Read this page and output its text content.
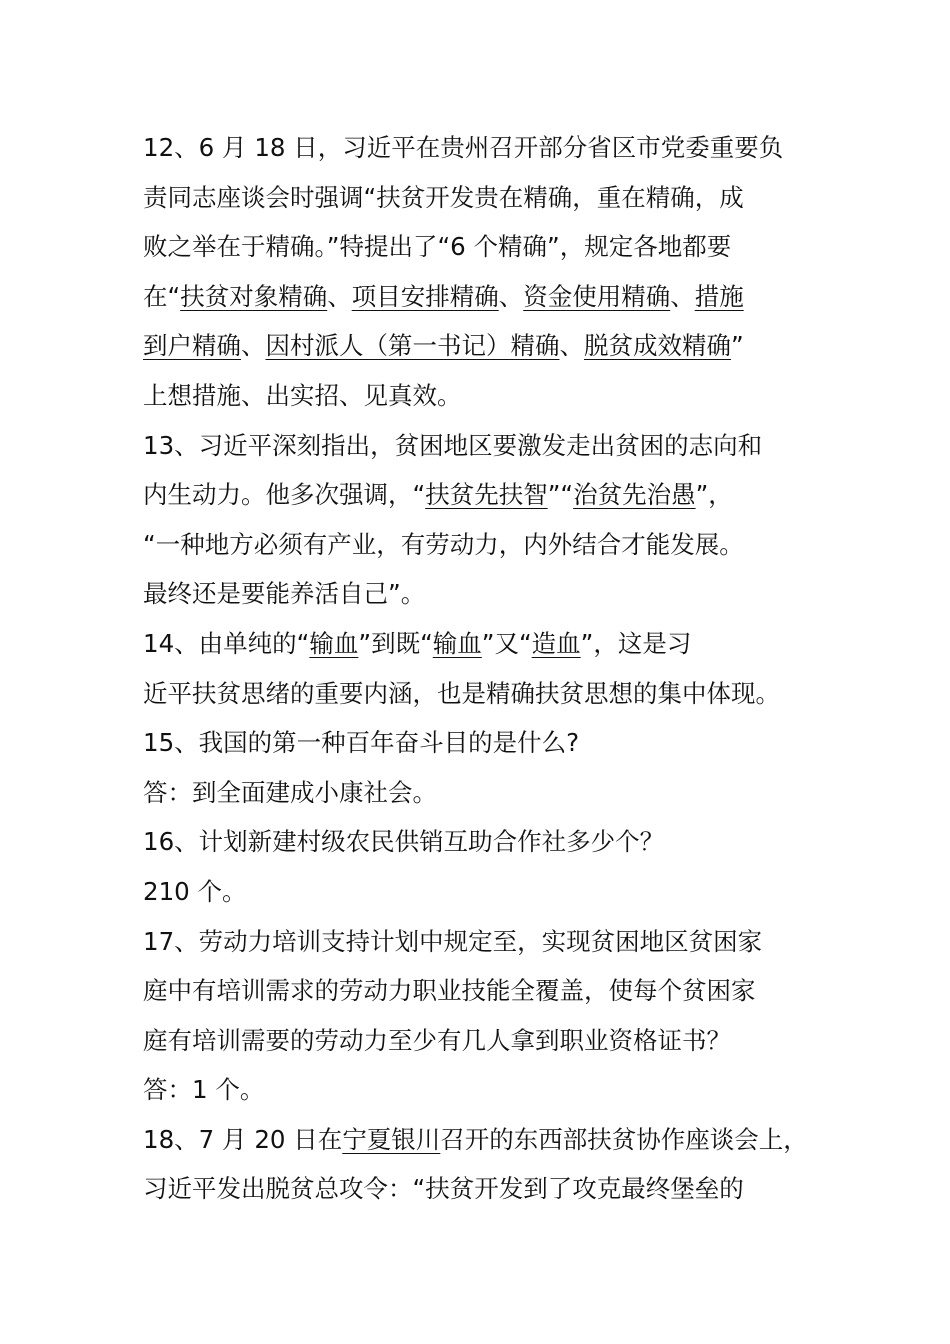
12、6 月 18 日，习近平在贵州召开部分省区市党委重要负

责同志座谈会时强调“扶贫开发贵在精确，重在精确，成

败之举在于精确。”特提出了“6 个精确”，规定各地都要

在“扶贫对象精确、项目安排精确、资金使用精确、措施

到户精确、因村派人（第一书记）精确、脱贫成效精确”

上想措施、出实招、见真效。

13、习近平深刻指出，贫困地区要激发走出贫困的志向和

内生动力。他多次强调，“扶贫先扶智”“治贫先治愚”，

“一种地方必须有产业，有劳动力，内外结合才能发展。

最终还是要能养活自己”。

14、由单纯的“输血”到既“输血”又“造血”，这是习

近平扶贫思绪的重要内涵，也是精确扶贫思想的集中体现。

15、我国的第一种百年奋斗目的是什么?

答：到全面建成小康社会。

16、计划新建村级农民供销互助合作社多少个？

210 个。

17、劳动力培训支持计划中规定至，实现贫困地区贫困家

庭中有培训需求的劳动力职业技能全覆盖，使每个贫困家

庭有培训需要的劳动力至少有几人拿到职业资格证书？

答：1 个。

18、7 月 20 日在宁夏银川召开的东西部扶贫协作座谈会上，

习近平发出脱贫总攻令：“扶贫开发到了攻克最终堡垒的
